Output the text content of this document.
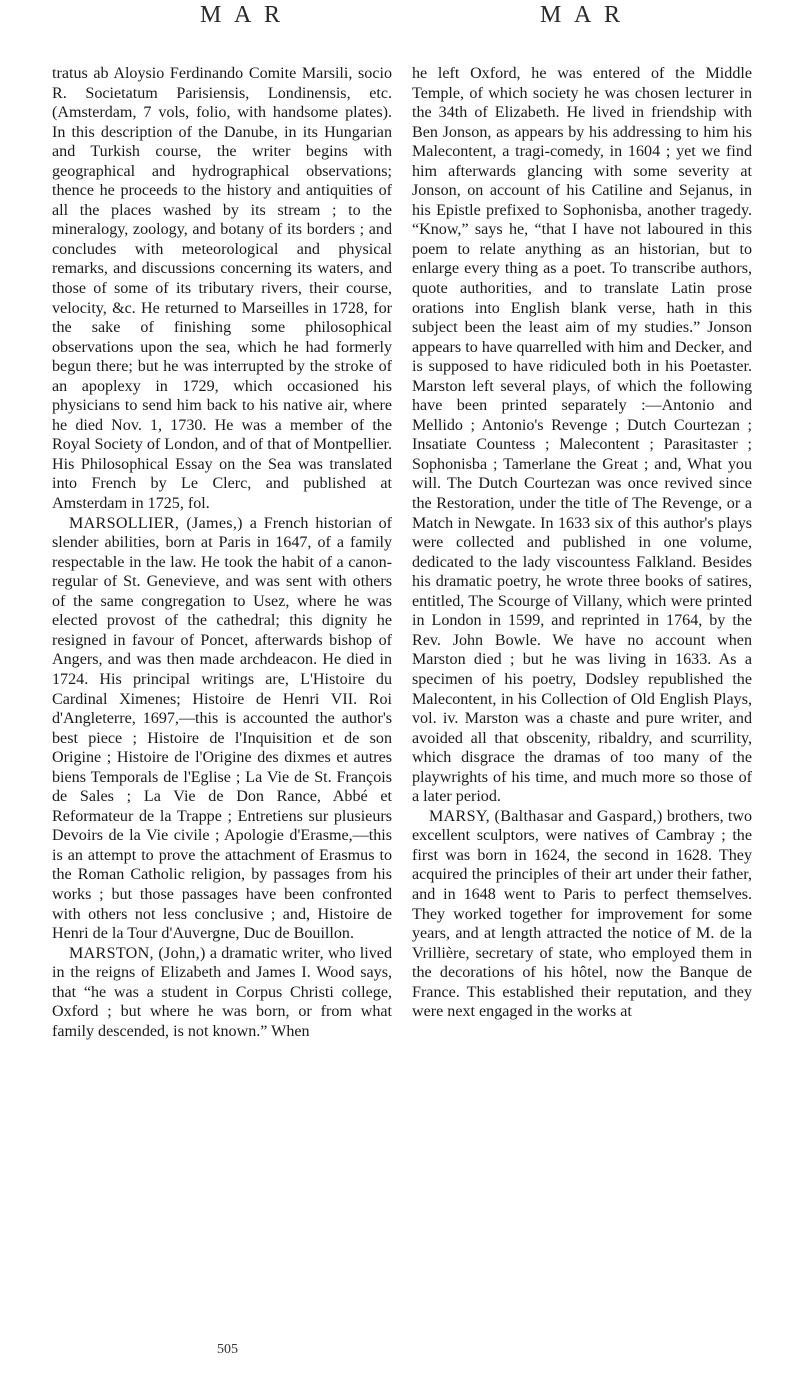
M A R	M A R

tratus ab Aloysio Ferdinando Comite Marsili, socio R. Societatum Parisiensis, Londinensis, etc. (Amsterdam, 7 vols, folio, with handsome plates). In this description of the Danube, in its Hungarian and Turkish course, the writer begins with geographical and hydrographical observations; thence he proceeds to the history and antiquities of all the places washed by its stream ; to the mineralogy, zoology, and botany of its borders ; and concludes with meteorological and physical remarks, and discussions concerning its waters, and those of some of its tributary rivers, their course, velocity, &c. He returned to Marseilles in 1728, for the sake of finishing some philosophical observations upon the sea, which he had formerly begun there; but he was interrupted by the stroke of an apoplexy in 1729, which occasioned his physicians to send him back to his native air, where he died Nov. 1, 1730. He was a member of the Royal Society of London, and of that of Montpellier. His Philosophical Essay on the Sea was translated into French by Le Clerc, and published at Amsterdam in 1725, fol.

MARSOLLIER, (James,) a French historian of slender abilities, born at Paris in 1647, of a family respectable in the law. He took the habit of a canon-regular of St. Genevieve, and was sent with others of the same congregation to Usez, where he was elected provost of the cathedral; this dignity he resigned in favour of Poncet, afterwards bishop of Angers, and was then made archdeacon. He died in 1724. His principal writings are, L'Histoire du Cardinal Ximenes; Histoire de Henri VII. Roi d'Angleterre, 1697,—this is accounted the author's best piece ; Histoire de l'Inquisition et de son Origine ; Histoire de l'Origine des dixmes et autres biens Temporals de l'Eglise ; La Vie de St. François de Sales ; La Vie de Don Rance, Abbé et Reformateur de la Trappe ; Entretiens sur plusieurs Devoirs de la Vie civile ; Apologie d'Erasme,—this is an attempt to prove the attachment of Erasmus to the Roman Catholic religion, by passages from his works ; but those passages have been confronted with others not less conclusive ; and, Histoire de Henri de la Tour d'Auvergne, Duc de Bouillon.

MARSTON, (John,) a dramatic writer, who lived in the reigns of Elizabeth and James I. Wood says, that “he was a student in Corpus Christi college, Oxford ; but where he was born, or from what family descended, is not known.” When

he left Oxford, he was entered of the Middle Temple, of which society he was chosen lecturer in the 34th of Elizabeth. He lived in friendship with Ben Jonson, as appears by his addressing to him his Malecontent, a tragi-comedy, in 1604 ; yet we find him afterwards glancing with some severity at Jonson, on account of his Catiline and Sejanus, in his Epistle prefixed to Sophonisba, another tragedy. “Know,” says he, “that I have not laboured in this poem to relate anything as an historian, but to enlarge every thing as a poet. To transcribe authors, quote authorities, and to translate Latin prose orations into English blank verse, hath in this subject been the least aim of my studies.” Jonson appears to have quarrelled with him and Decker, and is supposed to have ridiculed both in his Poetaster. Marston left several plays, of which the following have been printed separately :—Antonio and Mellido ; Antonio's Revenge ; Dutch Courtezan ; Insatiate Countess ; Malecontent ; Parasitaster ; Sophonisba ; Tamerlane the Great ; and, What you will. The Dutch Courtezan was once revived since the Restoration, under the title of The Revenge, or a Match in Newgate. In 1633 six of this author's plays were collected and published in one volume, dedicated to the lady viscountess Falkland. Besides his dramatic poetry, he wrote three books of satires, entitled, The Scourge of Villany, which were printed in London in 1599, and reprinted in 1764, by the Rev. John Bowle. We have no account when Marston died ; but he was living in 1633. As a specimen of his poetry, Dodsley republished the Malecontent, in his Collection of Old English Plays, vol. iv. Marston was a chaste and pure writer, and avoided all that obscenity, ribaldry, and scurrility, which disgrace the dramas of too many of the playwrights of his time, and much more so those of a later period.

MARSY, (Balthasar and Gaspard,) brothers, two excellent sculptors, were natives of Cambray ; the first was born in 1624, the second in 1628. They acquired the principles of their art under their father, and in 1648 went to Paris to perfect themselves. They worked together for improvement for some years, and at length attracted the notice of M. de la Vrillière, secretary of state, who employed them in the decorations of his hôtel, now the Banque de France. This established their reputation, and they were next engaged in the works at

505
